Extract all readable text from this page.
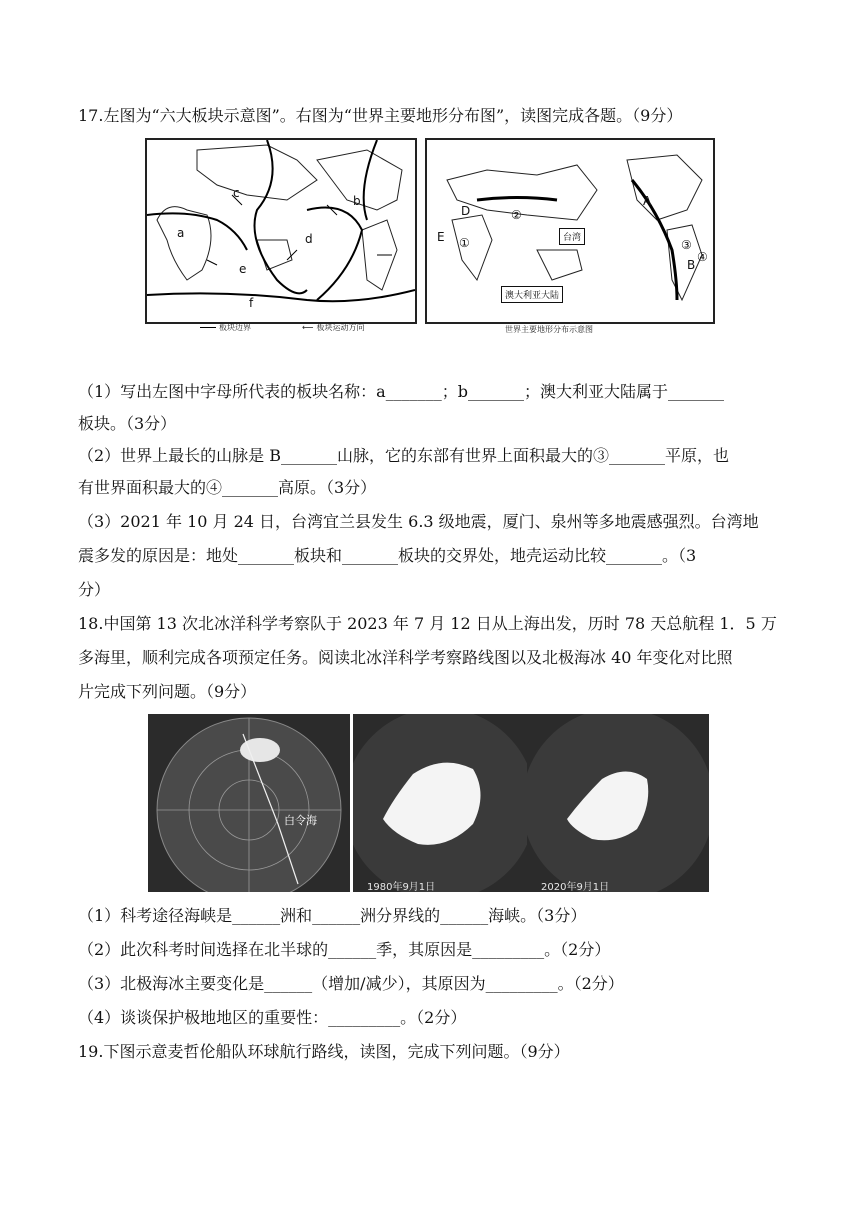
17.左图为“六大板块示意图”。右图为“世界主要地形分布图”，读图完成各题。（9分）
c
b
a	d
e
f
板块边界	⟵ 板块运动方向
D
E
A
B
①
②
③
④
台湾
澳大利亚大陆
世界主要地形分布示意图
（1）写出左图中字母所代表的板块名称：a_______；b_______；澳大利亚大陆属于_______
板块。（3分）
（2）世界上最长的山脉是 B_______山脉，它的东部有世界上面积最大的③_______平原，也
有世界面积最大的④_______高原。（3分）
（3）2021 年 10 月 24 日，台湾宜兰县发生 6.3 级地震，厦门、泉州等多地震感强烈。台湾地
震多发的原因是：地处_______板块和_______板块的交界处，地壳运动比较_______。（3
分）
18.中国第 13 次北冰洋科学考察队于 2023 年 7 月 12 日从上海出发，历时 78 天总航程 1．5 万
多海里，顺利完成各项预定任务。阅读北冰洋科学考察路线图以及北极海冰 40 年变化对比照
片完成下列问题。（9分）
白令海
1980年9月1日	2020年9月1日
（1）科考途径海峡是______洲和______洲分界线的______海峡。（3分）
（2）此次科考时间选择在北半球的______季，其原因是_________。（2分）
（3）北极海冰主要变化是______（增加/减少），其原因为_________。（2分）
（4）谈谈保护极地地区的重要性：_________。（2分）
19.下图示意麦哲伦船队环球航行路线，读图，完成下列问题。（9分）
